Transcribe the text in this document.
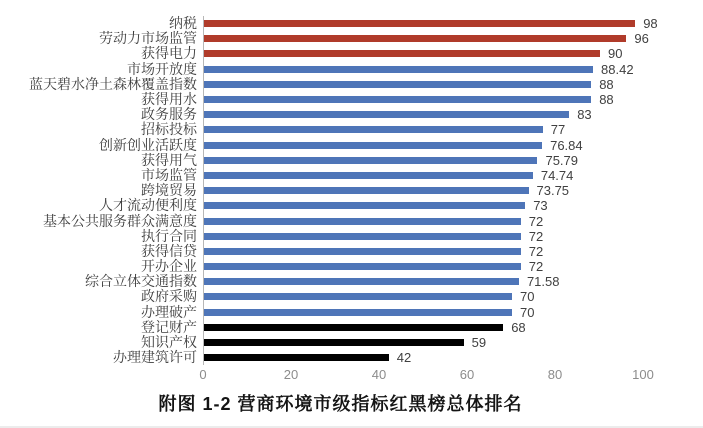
纳税	98
劳动力市场监管	96
获得电力	90
市场开放度	88.42
蓝天碧水净土森林覆盖指数	88
获得用水	88
政务服务	83
招标投标	77
创新创业活跃度	76.84
获得用气	75.79
市场监管	74.74
跨境贸易	73.75
人才流动便利度	73
基本公共服务群众满意度	72
执行合同	72
获得信贷	72
开办企业	72
综合立体交通指数	71.58
政府采购	70
办理破产	70
登记财产	68
知识产权	59
办理建筑许可	42
0	20	40	60	80	100
附图 1-2 营商环境市级指标红黑榜总体排名
